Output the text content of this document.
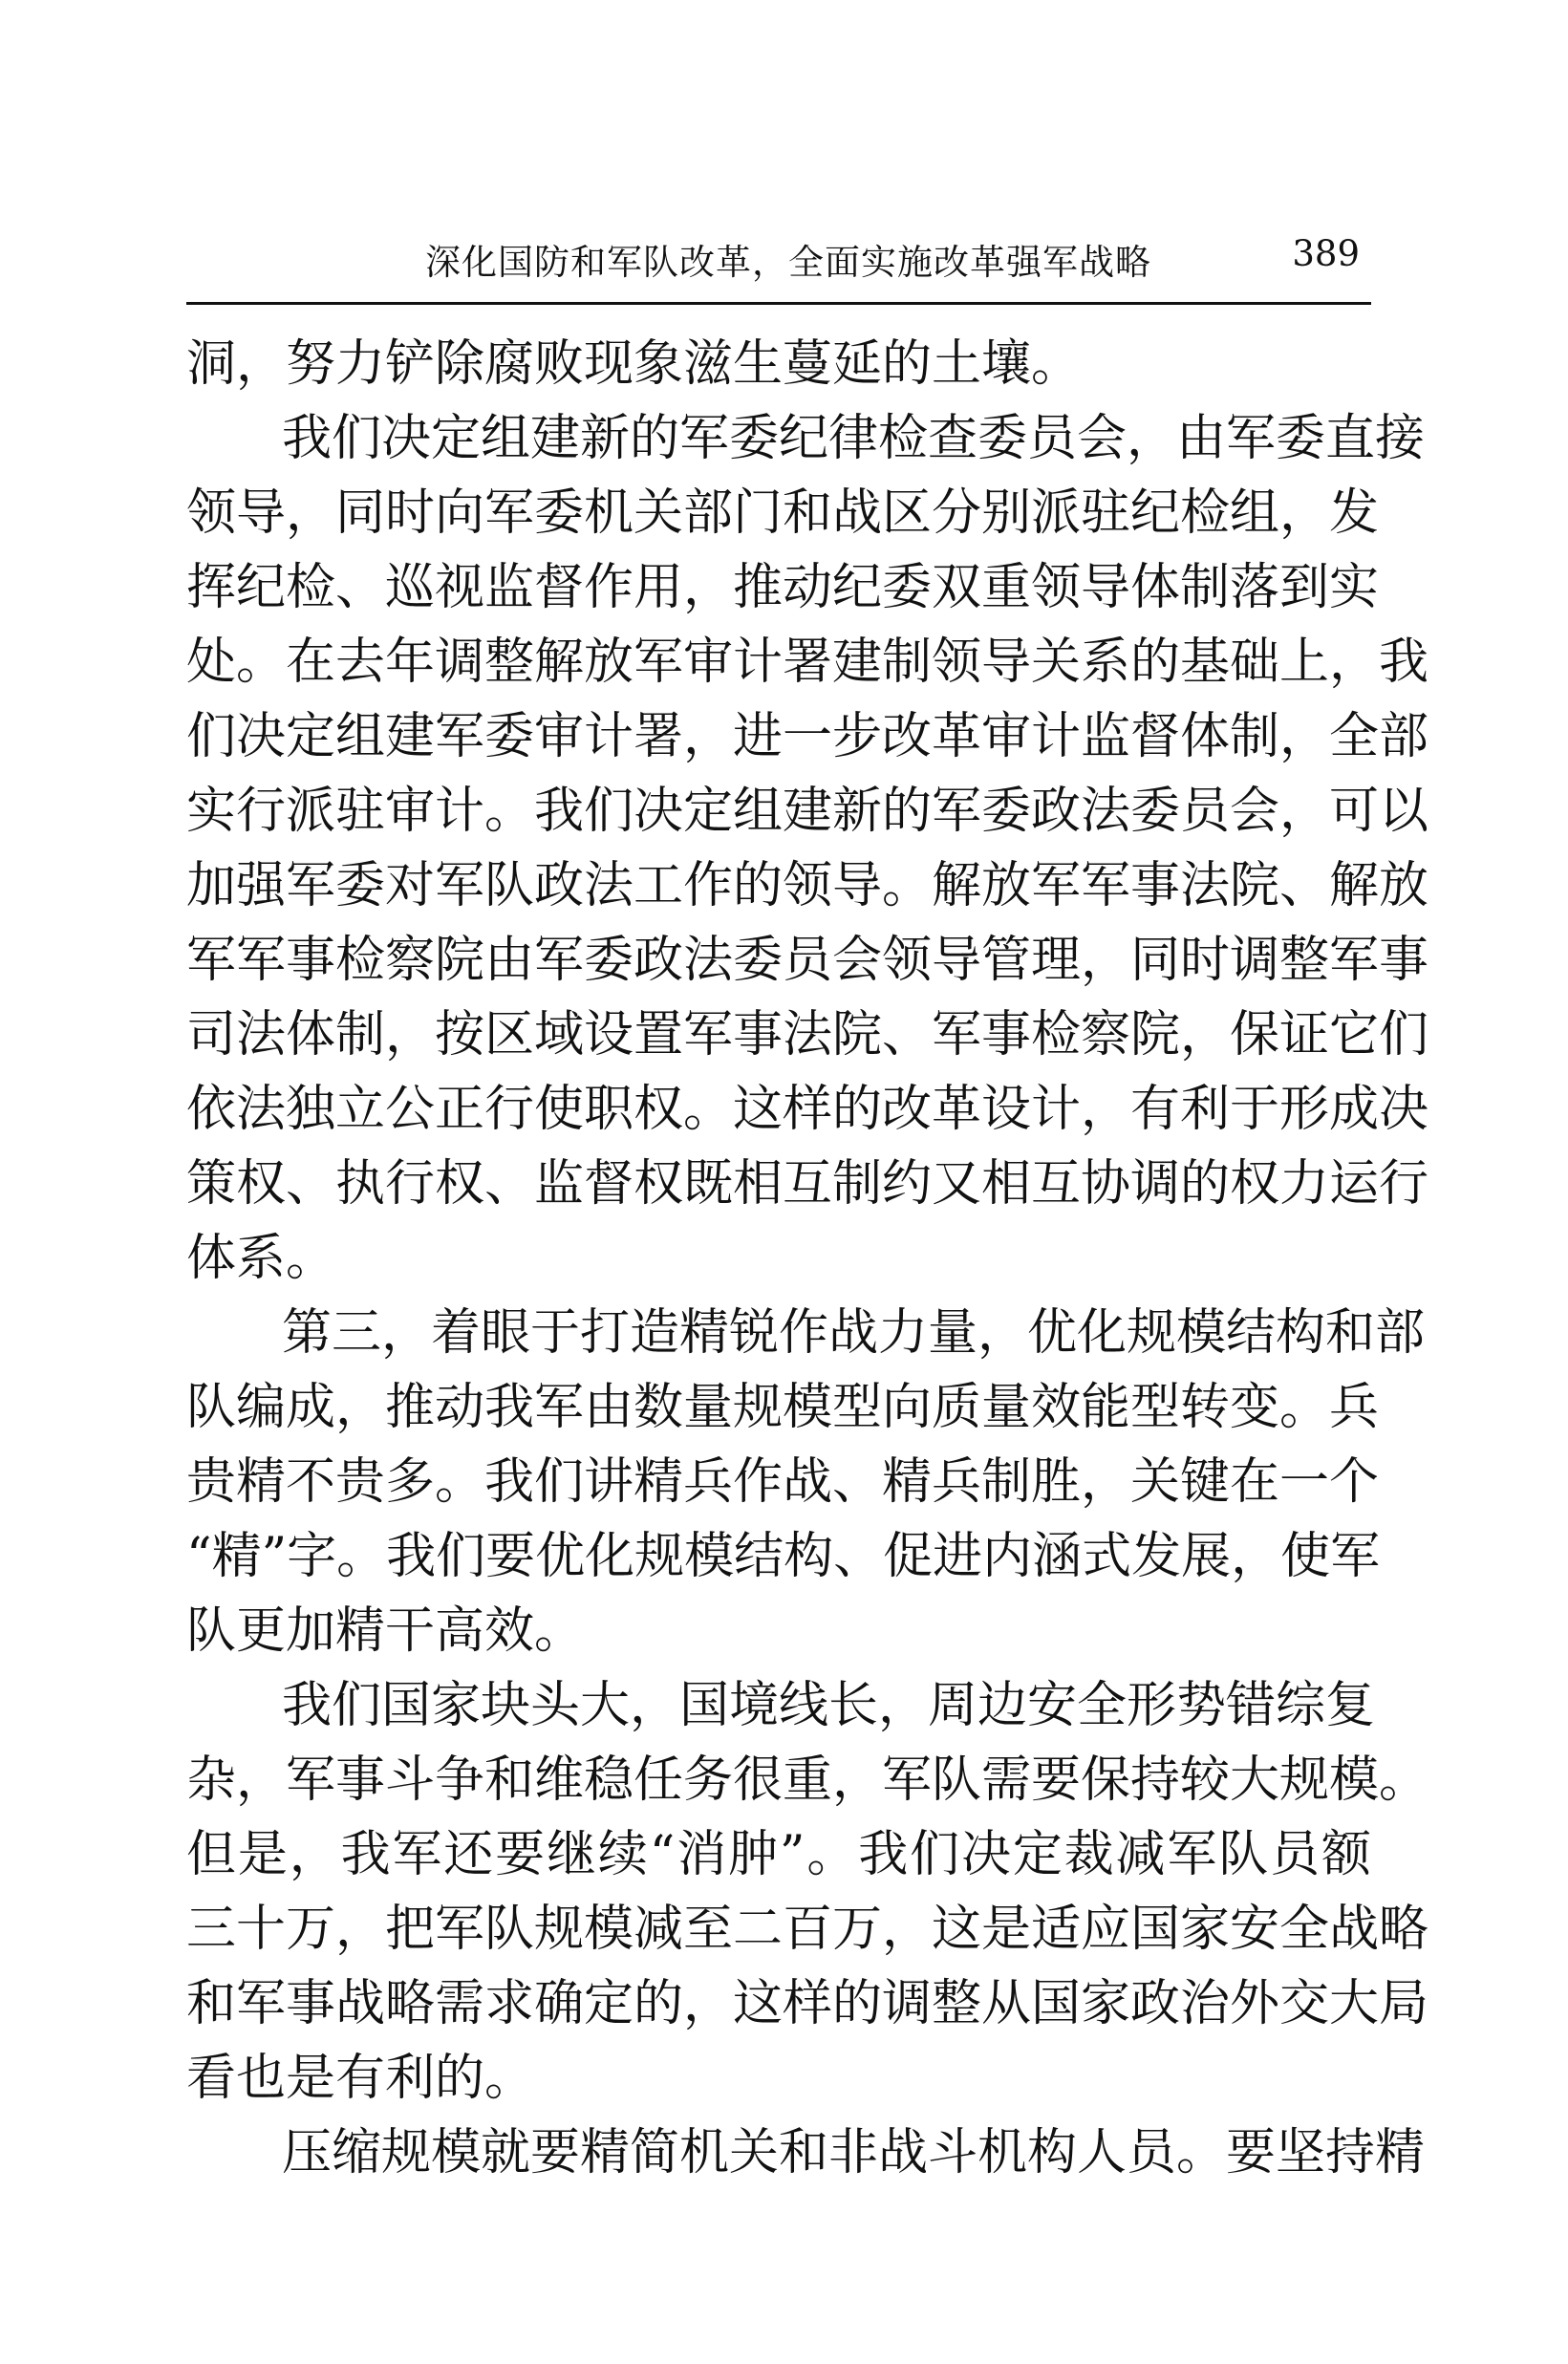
深化国防和军队改革，全面实施改革强军战略	389
洞，努力铲除腐败现象滋生蔓延的土壤。
我们决定组建新的军委纪律检查委员会，由军委直接
领导，同时向军委机关部门和战区分别派驻纪检组，发
挥纪检、巡视监督作用，推动纪委双重领导体制落到实
处。在去年调整解放军审计署建制领导关系的基础上，我
们决定组建军委审计署，进一步改革审计监督体制，全部
实行派驻审计。我们决定组建新的军委政法委员会，可以
加强军委对军队政法工作的领导。解放军军事法院、解放
军军事检察院由军委政法委员会领导管理，同时调整军事
司法体制，按区域设置军事法院、军事检察院，保证它们
依法独立公正行使职权。这样的改革设计，有利于形成决
策权、执行权、监督权既相互制约又相互协调的权力运行
体系。
第三，着眼于打造精锐作战力量，优化规模结构和部
队编成，推动我军由数量规模型向质量效能型转变。兵
贵精不贵多。我们讲精兵作战、精兵制胜，关键在一个
“精”字。我们要优化规模结构、促进内涵式发展，使军
队更加精干高效。
我们国家块头大，国境线长，周边安全形势错综复
杂，军事斗争和维稳任务很重，军队需要保持较大规模。
但是，我军还要继续“消肿”。我们决定裁减军队员额
三十万，把军队规模减至二百万，这是适应国家安全战略
和军事战略需求确定的，这样的调整从国家政治外交大局
看也是有利的。
压缩规模就要精简机关和非战斗机构人员。要坚持精
